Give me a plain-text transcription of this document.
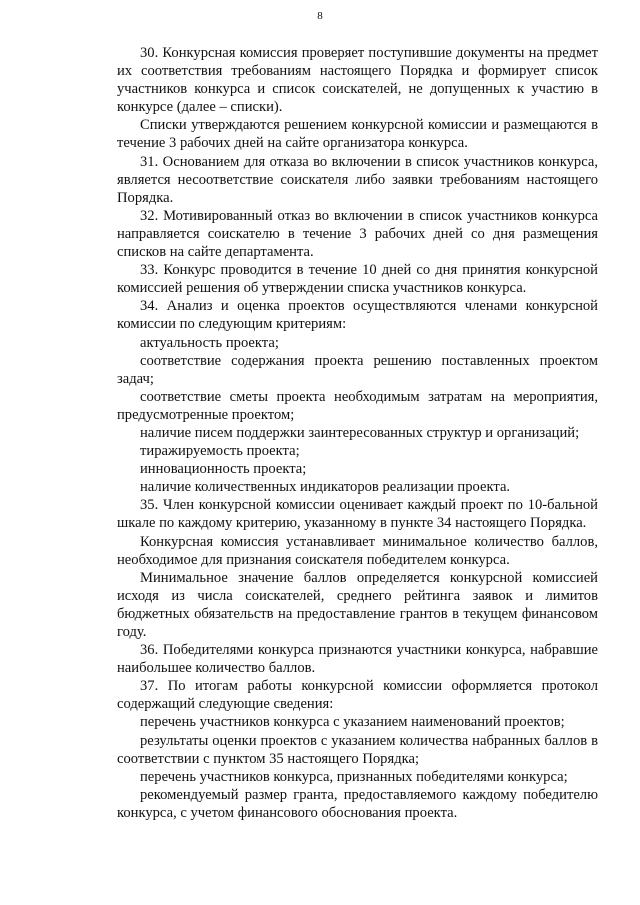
8

30. Конкурсная комиссия проверяет поступившие документы на предмет их соответствия требованиям настоящего Порядка и формирует список участников конкурса и список соискателей, не допущенных к участию в конкурсе (далее – списки).

Списки утверждаются решением конкурсной комиссии и размещаются в течение 3 рабочих дней на сайте организатора конкурса.

31. Основанием для отказа во включении в список участников конкурса, является несоответствие соискателя либо заявки требованиям настоящего Порядка.

32. Мотивированный отказ во включении в список участников конкурса направляется соискателю в течение 3 рабочих дней со дня размещения списков на сайте департамента.

33. Конкурс проводится в течение 10 дней со дня принятия конкурсной комиссией решения об утверждении списка участников конкурса.

34. Анализ и оценка проектов осуществляются членами конкурсной комиссии по следующим критериям:

актуальность проекта;

соответствие содержания проекта решению поставленных проектом задач;

соответствие сметы проекта необходимым затратам на мероприятия, предусмотренные проектом;

наличие писем поддержки заинтересованных структур и организаций;

тиражируемость проекта;

инновационность проекта;

наличие количественных индикаторов реализации проекта.

35. Член конкурсной комиссии оценивает каждый проект по 10-бальной шкале по каждому критерию, указанному в пункте 34 настоящего Порядка.

Конкурсная комиссия устанавливает минимальное количество баллов, необходимое для признания соискателя победителем конкурса.

Минимальное значение баллов определяется конкурсной комиссией исходя из числа соискателей, среднего рейтинга заявок и лимитов бюджетных обязательств на предоставление грантов в текущем финансовом году.

36. Победителями конкурса признаются участники конкурса, набравшие наибольшее количество баллов.

37. По итогам работы конкурсной комиссии оформляется протокол содержащий следующие сведения:

перечень участников конкурса с указанием наименований проектов;

результаты оценки проектов с указанием количества набранных баллов в соответствии с пунктом 35 настоящего Порядка;

перечень участников конкурса, признанных победителями конкурса;

рекомендуемый размер гранта, предоставляемого каждому победителю конкурса, с учетом финансового обоснования проекта.
